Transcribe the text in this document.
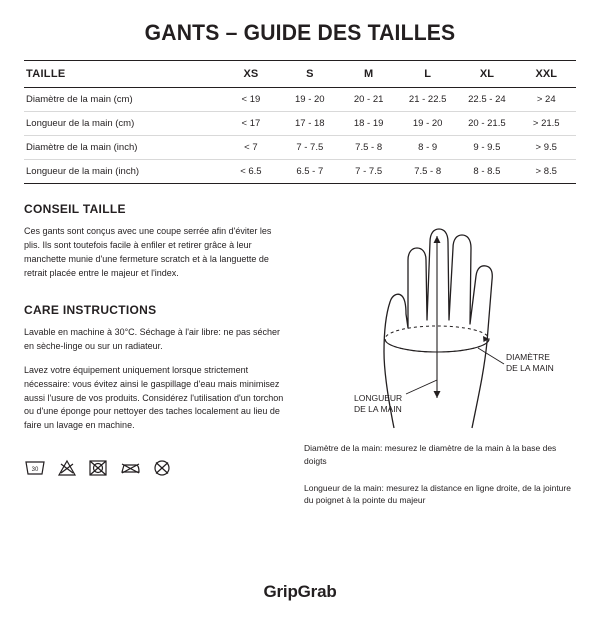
GANTS – GUIDE DES TAILLES
TAILLE	XS	S	M	L	XL	XXL
Diamètre de la main (cm)	< 19	19 - 20	20 - 21	21 - 22.5	22.5 - 24	> 24
Longueur de la main (cm)	< 17	17 - 18	18 - 19	19 - 20	20 - 21.5	> 21.5
Diamètre de la main (inch)	< 7	7 - 7.5	7.5 - 8	8 - 9	9 - 9.5	> 9.5
Longueur de la main (inch)	< 6.5	6.5 - 7	7 - 7.5	7.5 - 8	8 - 8.5	> 8.5
CONSEIL TAILLE

Ces gants sont conçus avec une coupe serrée afin d'éviter les plis. Ils sont toutefois facile à enfiler et retirer grâce à leur manchette munie d'une fermeture scratch et à la languette de retrait placée entre le majeur et l'index.

CARE INSTRUCTIONS

Lavable en machine à 30°C. Séchage à l'air libre: ne pas sécher en sèche-linge ou sur un radiateur.

Lavez votre équipement uniquement lorsque strictement nécessaire: vous évitez ainsi le gaspillage d'eau mais minimisez aussi l'usure de vos produits. Considérez l'utilisation d'un torchon ou d'une éponge pour nettoyer des taches localement au lieu de faire un lavage en machine.

30
LONGUEUR
DE LA MAIN
DIAMÈTRE
DE LA MAIN

Diamètre de la main: mesurez le diamètre de la main à la base des doigts

Longueur de la main: mesurez la distance en ligne droite, de la jointure du poignet à la pointe du majeur

GripGrab
